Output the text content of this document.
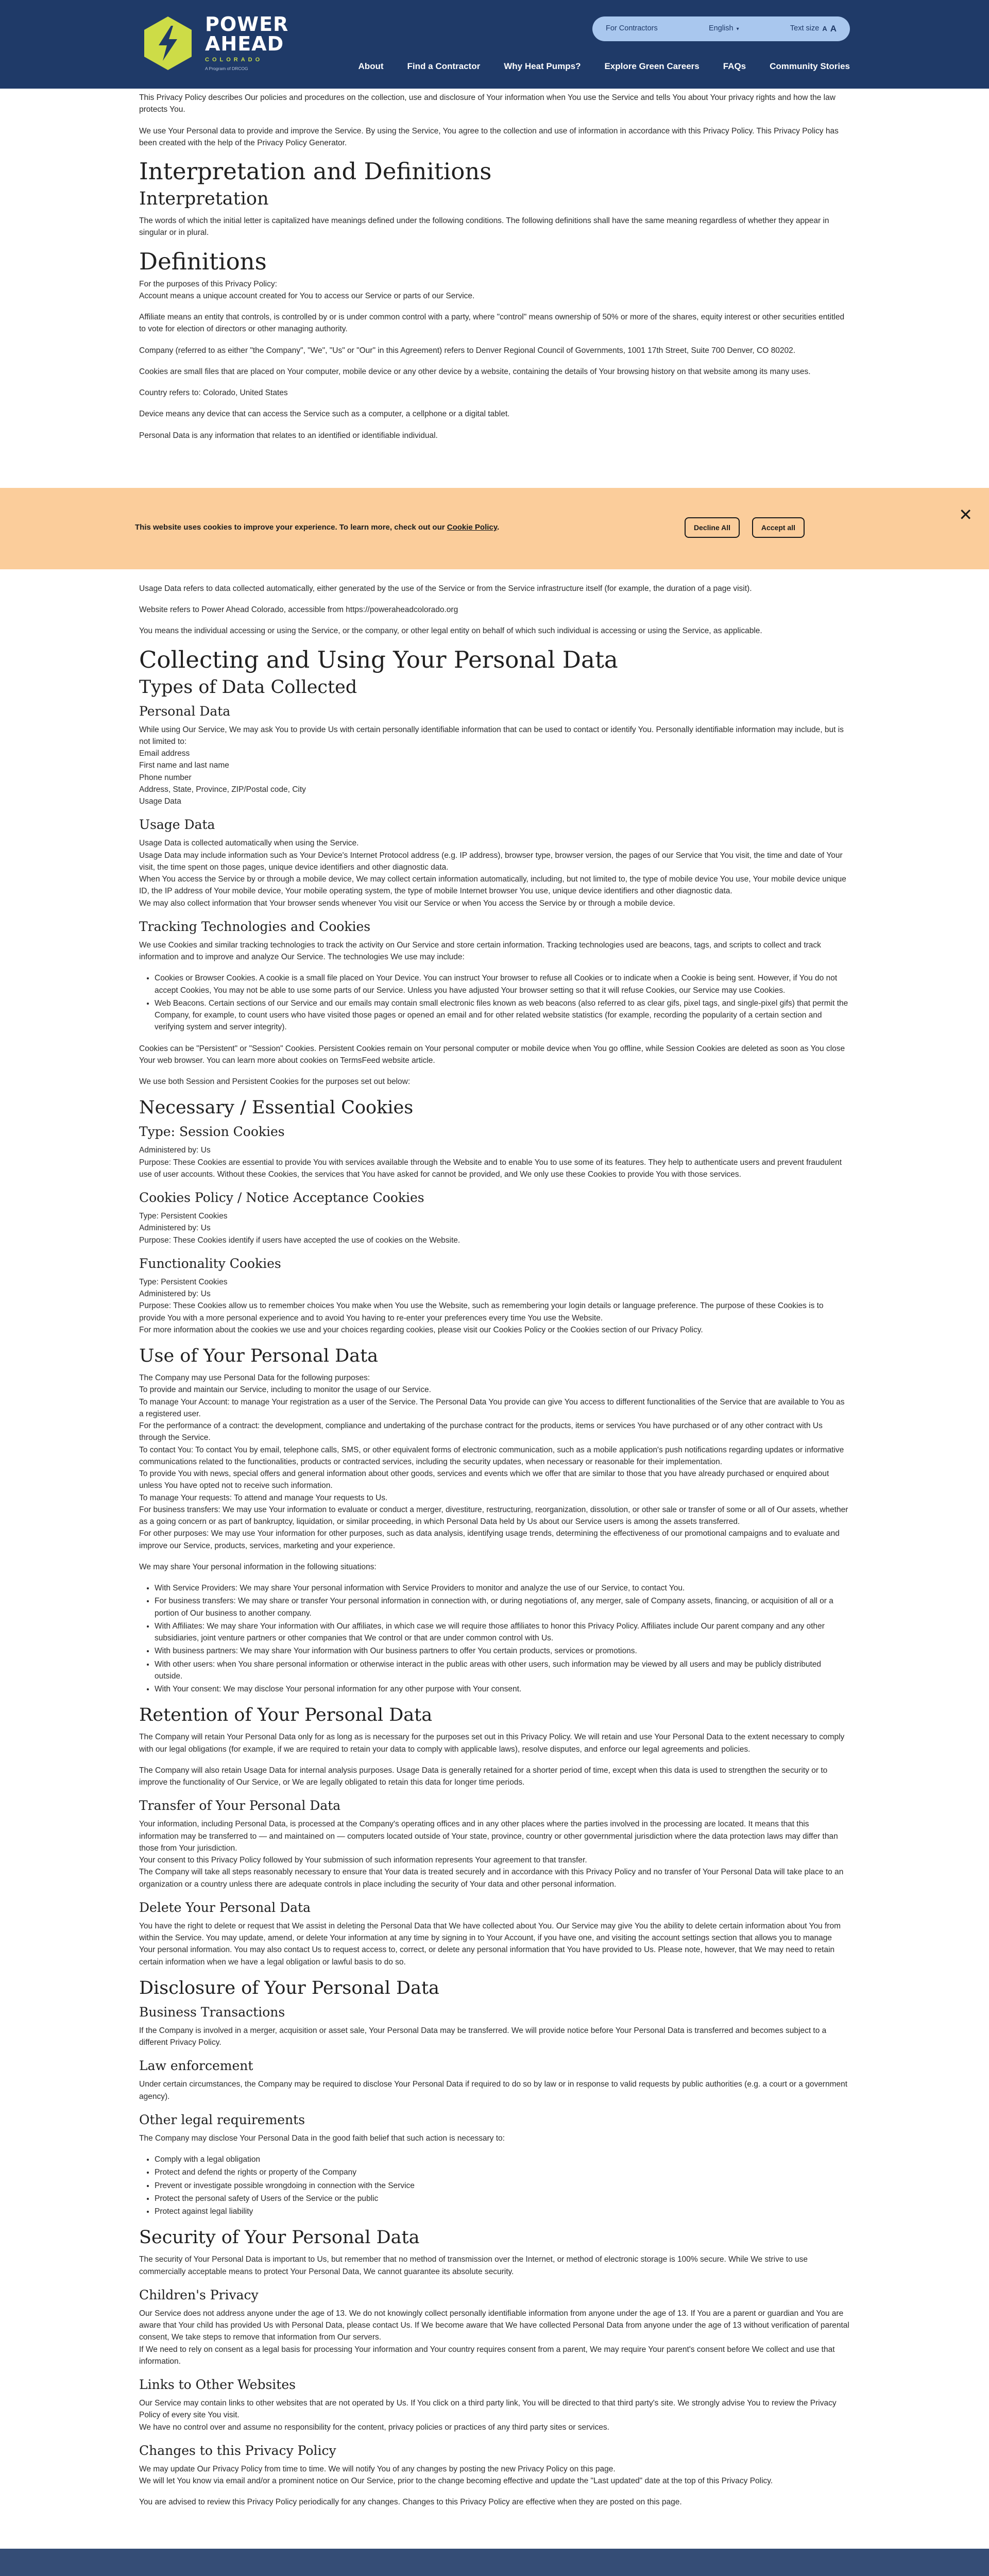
POWER
AHEAD
COLORADO
A Program of DRCOG
For Contractors	English ▾	Text size A A
About	Find a Contractor	Why Heat Pumps?	Explore Green Careers	FAQs	Community Stories

This Privacy Policy describes Our policies and procedures on the collection, use and disclosure of Your information when You use the Service and tells You about Your privacy rights and how the law protects You.

We use Your Personal data to provide and improve the Service. By using the Service, You agree to the collection and use of information in accordance with this Privacy Policy. This Privacy Policy has been created with the help of the Privacy Policy Generator.

Interpretation and Definitions
Interpretation

The words of which the initial letter is capitalized have meanings defined under the following conditions. The following definitions shall have the same meaning regardless of whether they appear in singular or in plural.

Definitions

For the purposes of this Privacy Policy:

Account means a unique account created for You to access our Service or parts of our Service.

Affiliate means an entity that controls, is controlled by or is under common control with a party, where "control" means ownership of 50% or more of the shares, equity interest or other securities entitled to vote for election of directors or other managing authority.

Company (referred to as either "the Company", "We", "Us" or "Our" in this Agreement) refers to Denver Regional Council of Governments, 1001 17th Street, Suite 700 Denver, CO 80202.

Cookies are small files that are placed on Your computer, mobile device or any other device by a website, containing the details of Your browsing history on that website among its many uses.

Country refers to: Colorado, United States

Device means any device that can access the Service such as a computer, a cellphone or a digital tablet.

Personal Data is any information that relates to an identified or identifiable individual.

✕
This website uses cookies to improve your experience. To learn more, check out our Cookie Policy.	Decline All	Accept all

Usage Data refers to data collected automatically, either generated by the use of the Service or from the Service infrastructure itself (for example, the duration of a page visit).

Website refers to Power Ahead Colorado, accessible from https://poweraheadcolorado.org

You means the individual accessing or using the Service, or the company, or other legal entity on behalf of which such individual is accessing or using the Service, as applicable.

Collecting and Using Your Personal Data
Types of Data Collected
Personal Data

While using Our Service, We may ask You to provide Us with certain personally identifiable information that can be used to contact or identify You. Personally identifiable information may include, but is not limited to:

Email address

First name and last name

Phone number

Address, State, Province, ZIP/Postal code, City

Usage Data

Usage Data

Usage Data is collected automatically when using the Service.

Usage Data may include information such as Your Device's Internet Protocol address (e.g. IP address), browser type, browser version, the pages of our Service that You visit, the time and date of Your visit, the time spent on those pages, unique device identifiers and other diagnostic data.

When You access the Service by or through a mobile device, We may collect certain information automatically, including, but not limited to, the type of mobile device You use, Your mobile device unique ID, the IP address of Your mobile device, Your mobile operating system, the type of mobile Internet browser You use, unique device identifiers and other diagnostic data.

We may also collect information that Your browser sends whenever You visit our Service or when You access the Service by or through a mobile device.

Tracking Technologies and Cookies

We use Cookies and similar tracking technologies to track the activity on Our Service and store certain information. Tracking technologies used are beacons, tags, and scripts to collect and track information and to improve and analyze Our Service. The technologies We use may include:

• Cookies or Browser Cookies. A cookie is a small file placed on Your Device. You can instruct Your browser to refuse all Cookies or to indicate when a Cookie is being sent. However, if You do not accept Cookies, You may not be able to use some parts of our Service. Unless you have adjusted Your browser setting so that it will refuse Cookies, our Service may use Cookies.
• Web Beacons. Certain sections of our Service and our emails may contain small electronic files known as web beacons (also referred to as clear gifs, pixel tags, and single-pixel gifs) that permit the Company, for example, to count users who have visited those pages or opened an email and for other related website statistics (for example, recording the popularity of a certain section and verifying system and server integrity).

Cookies can be "Persistent" or "Session" Cookies. Persistent Cookies remain on Your personal computer or mobile device when You go offline, while Session Cookies are deleted as soon as You close Your web browser. You can learn more about cookies on TermsFeed website article.

We use both Session and Persistent Cookies for the purposes set out below:

Necessary / Essential Cookies
Type: Session Cookies

Administered by: Us

Purpose: These Cookies are essential to provide You with services available through the Website and to enable You to use some of its features. They help to authenticate users and prevent fraudulent use of user accounts. Without these Cookies, the services that You have asked for cannot be provided, and We only use these Cookies to provide You with those services.

Cookies Policy / Notice Acceptance Cookies

Type: Persistent Cookies

Administered by: Us

Purpose: These Cookies identify if users have accepted the use of cookies on the Website.

Functionality Cookies

Type: Persistent Cookies

Administered by: Us

Purpose: These Cookies allow us to remember choices You make when You use the Website, such as remembering your login details or language preference. The purpose of these Cookies is to provide You with a more personal experience and to avoid You having to re-enter your preferences every time You use the Website.

For more information about the cookies we use and your choices regarding cookies, please visit our Cookies Policy or the Cookies section of our Privacy Policy.

Use of Your Personal Data

The Company may use Personal Data for the following purposes:

To provide and maintain our Service, including to monitor the usage of our Service.

To manage Your Account: to manage Your registration as a user of the Service. The Personal Data You provide can give You access to different functionalities of the Service that are available to You as a registered user.

For the performance of a contract: the development, compliance and undertaking of the purchase contract for the products, items or services You have purchased or of any other contract with Us through the Service.

To contact You: To contact You by email, telephone calls, SMS, or other equivalent forms of electronic communication, such as a mobile application's push notifications regarding updates or informative communications related to the functionalities, products or contracted services, including the security updates, when necessary or reasonable for their implementation.

To provide You with news, special offers and general information about other goods, services and events which we offer that are similar to those that you have already purchased or enquired about unless You have opted not to receive such information.

To manage Your requests: To attend and manage Your requests to Us.

For business transfers: We may use Your information to evaluate or conduct a merger, divestiture, restructuring, reorganization, dissolution, or other sale or transfer of some or all of Our assets, whether as a going concern or as part of bankruptcy, liquidation, or similar proceeding, in which Personal Data held by Us about our Service users is among the assets transferred.

For other purposes: We may use Your information for other purposes, such as data analysis, identifying usage trends, determining the effectiveness of our promotional campaigns and to evaluate and improve our Service, products, services, marketing and your experience.

We may share Your personal information in the following situations:

• With Service Providers: We may share Your personal information with Service Providers to monitor and analyze the use of our Service, to contact You.
• For business transfers: We may share or transfer Your personal information in connection with, or during negotiations of, any merger, sale of Company assets, financing, or acquisition of all or a portion of Our business to another company.
• With Affiliates: We may share Your information with Our affiliates, in which case we will require those affiliates to honor this Privacy Policy. Affiliates include Our parent company and any other subsidiaries, joint venture partners or other companies that We control or that are under common control with Us.
• With business partners: We may share Your information with Our business partners to offer You certain products, services or promotions.
• With other users: when You share personal information or otherwise interact in the public areas with other users, such information may be viewed by all users and may be publicly distributed outside.
• With Your consent: We may disclose Your personal information for any other purpose with Your consent.
Retention of Your Personal Data

The Company will retain Your Personal Data only for as long as is necessary for the purposes set out in this Privacy Policy. We will retain and use Your Personal Data to the extent necessary to comply with our legal obligations (for example, if we are required to retain your data to comply with applicable laws), resolve disputes, and enforce our legal agreements and policies.

The Company will also retain Usage Data for internal analysis purposes. Usage Data is generally retained for a shorter period of time, except when this data is used to strengthen the security or to improve the functionality of Our Service, or We are legally obligated to retain this data for longer time periods.

Transfer of Your Personal Data

Your information, including Personal Data, is processed at the Company's operating offices and in any other places where the parties involved in the processing are located. It means that this information may be transferred to — and maintained on — computers located outside of Your state, province, country or other governmental jurisdiction where the data protection laws may differ than those from Your jurisdiction.

Your consent to this Privacy Policy followed by Your submission of such information represents Your agreement to that transfer.

The Company will take all steps reasonably necessary to ensure that Your data is treated securely and in accordance with this Privacy Policy and no transfer of Your Personal Data will take place to an organization or a country unless there are adequate controls in place including the security of Your data and other personal information.

Delete Your Personal Data

You have the right to delete or request that We assist in deleting the Personal Data that We have collected about You. Our Service may give You the ability to delete certain information about You from within the Service. You may update, amend, or delete Your information at any time by signing in to Your Account, if you have one, and visiting the account settings section that allows you to manage Your personal information. You may also contact Us to request access to, correct, or delete any personal information that You have provided to Us. Please note, however, that We may need to retain certain information when we have a legal obligation or lawful basis to do so.

Disclosure of Your Personal Data
Business Transactions

If the Company is involved in a merger, acquisition or asset sale, Your Personal Data may be transferred. We will provide notice before Your Personal Data is transferred and becomes subject to a different Privacy Policy.

Law enforcement

Under certain circumstances, the Company may be required to disclose Your Personal Data if required to do so by law or in response to valid requests by public authorities (e.g. a court or a government agency).

Other legal requirements

The Company may disclose Your Personal Data in the good faith belief that such action is necessary to:

• Comply with a legal obligation
• Protect and defend the rights or property of the Company
• Prevent or investigate possible wrongdoing in connection with the Service
• Protect the personal safety of Users of the Service or the public
• Protect against legal liability
Security of Your Personal Data

The security of Your Personal Data is important to Us, but remember that no method of transmission over the Internet, or method of electronic storage is 100% secure. While We strive to use commercially acceptable means to protect Your Personal Data, We cannot guarantee its absolute security.

Children's Privacy

Our Service does not address anyone under the age of 13. We do not knowingly collect personally identifiable information from anyone under the age of 13. If You are a parent or guardian and You are aware that Your child has provided Us with Personal Data, please contact Us. If We become aware that We have collected Personal Data from anyone under the age of 13 without verification of parental consent, We take steps to remove that information from Our servers.

If We need to rely on consent as a legal basis for processing Your information and Your country requires consent from a parent, We may require Your parent's consent before We collect and use that information.

Links to Other Websites

Our Service may contain links to other websites that are not operated by Us. If You click on a third party link, You will be directed to that third party's site. We strongly advise You to review the Privacy Policy of every site You visit.

We have no control over and assume no responsibility for the content, privacy policies or practices of any third party sites or services.

Changes to this Privacy Policy

We may update Our Privacy Policy from time to time. We will notify You of any changes by posting the new Privacy Policy on this page.

We will let You know via email and/or a prominent notice on Our Service, prior to the change becoming effective and update the "Last updated" date at the top of this Privacy Policy.

You are advised to review this Privacy Policy periodically for any changes. Changes to this Privacy Policy are effective when they are posted on this page.
